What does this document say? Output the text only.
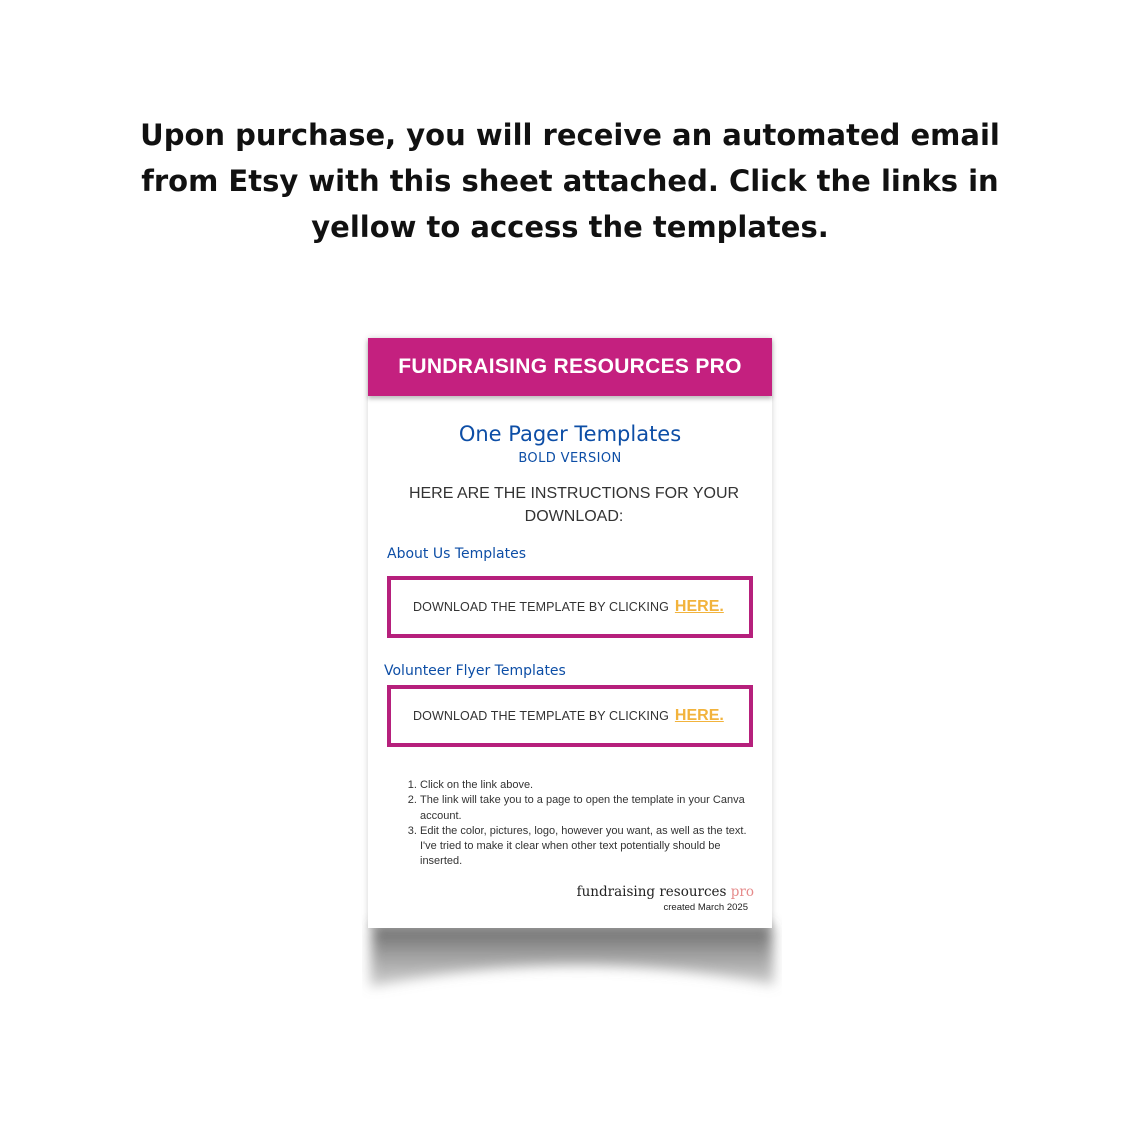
Upon purchase, you will receive an automated email
from Etsy with this sheet attached. Click the links in
yellow to access the templates.
FUNDRAISING RESOURCES PRO
One Pager Templates
BOLD VERSION
HERE ARE THE INSTRUCTIONS FOR YOUR
DOWNLOAD:
About Us Templates
DOWNLOAD THE TEMPLATE BY CLICKING HERE.
Volunteer Flyer Templates
DOWNLOAD THE TEMPLATE BY CLICKING HERE.
1. Click on the link above.
2. The link will take you to a page to open the template in your Canva account.
3. Edit the color, pictures, logo, however you want, as well as the text. I've tried to make it clear when other text potentially should be inserted.
fundraising resources pro
created March 2025
